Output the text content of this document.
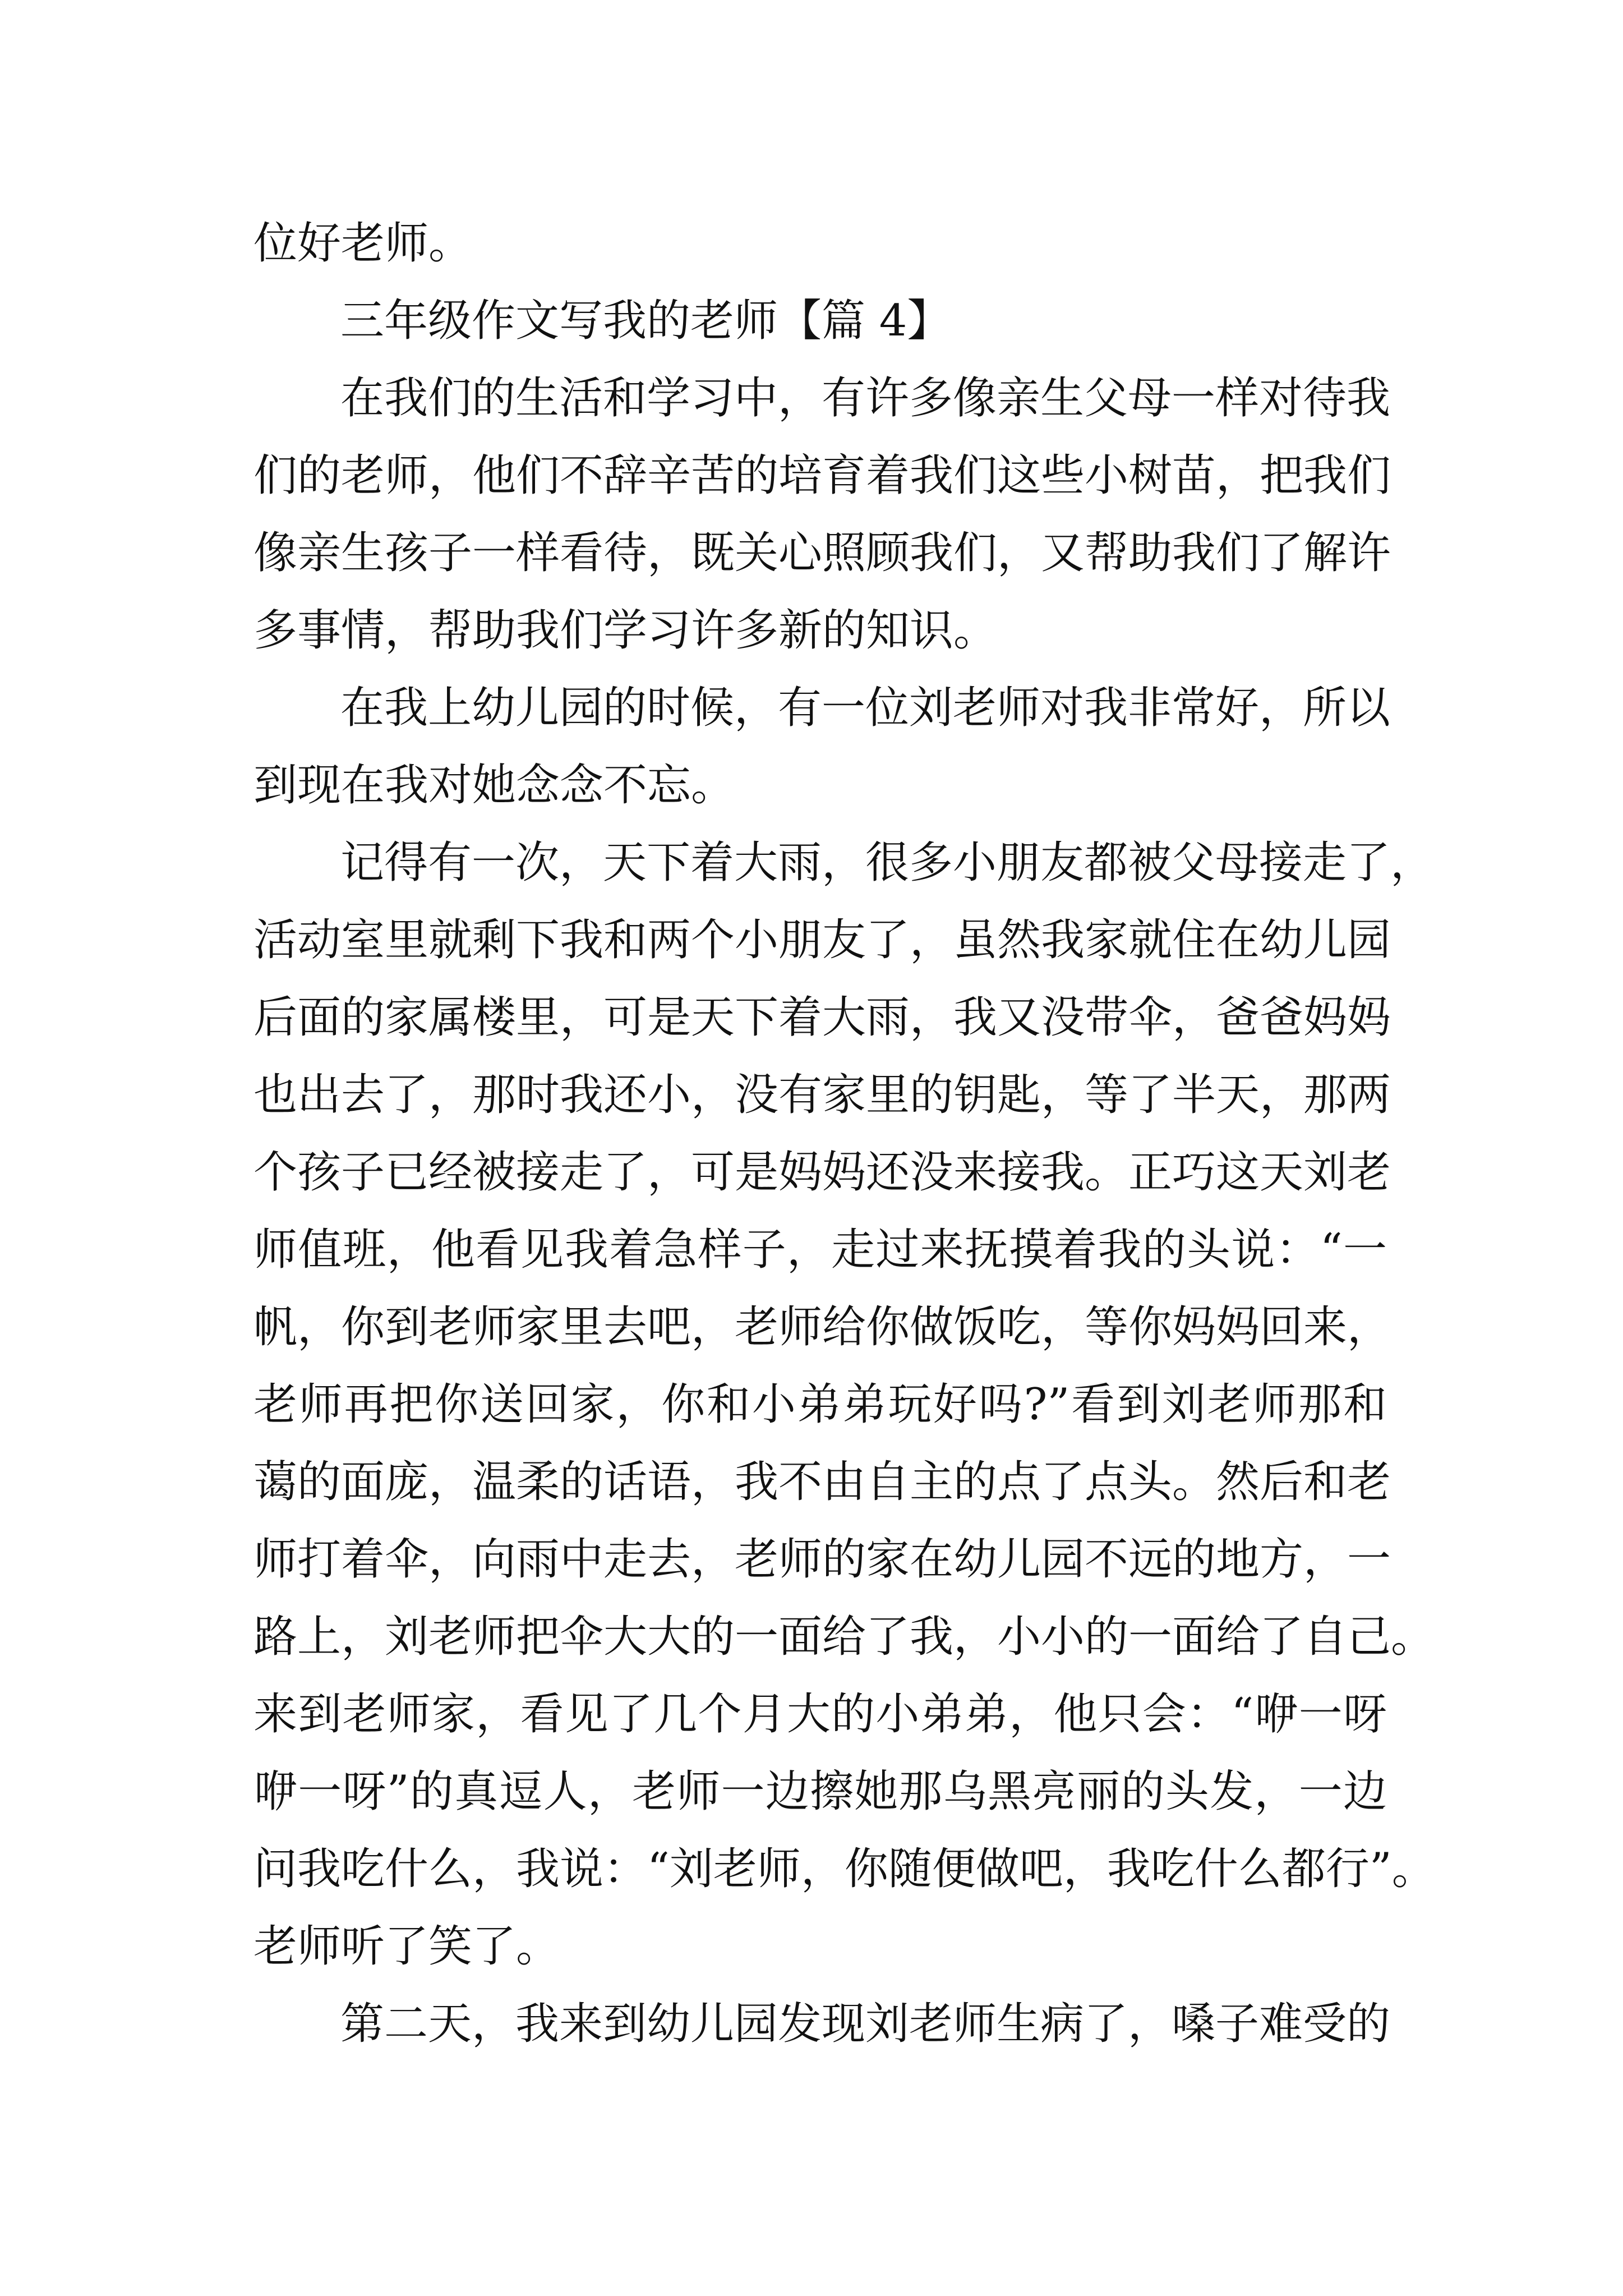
位好老师。
三年级作文写我的老师【篇 4】
在我们的生活和学习中，有许多像亲生父母一样对待我
们的老师，他们不辞辛苦的培育着我们这些小树苗，把我们
像亲生孩子一样看待，既关心照顾我们，又帮助我们了解许
多事情，帮助我们学习许多新的知识。
在我上幼儿园的时候，有一位刘老师对我非常好，所以
到现在我对她念念不忘。
记得有一次，天下着大雨，很多小朋友都被父母接走了，
活动室里就剩下我和两个小朋友了，虽然我家就住在幼儿园
后面的家属楼里，可是天下着大雨，我又没带伞，爸爸妈妈
也出去了，那时我还小，没有家里的钥匙，等了半天，那两
个孩子已经被接走了，可是妈妈还没来接我。正巧这天刘老
师值班，他看见我着急样子，走过来抚摸着我的头说：“一
帆，你到老师家里去吧，老师给你做饭吃，等你妈妈回来，
老师再把你送回家，你和小弟弟玩好吗?”看到刘老师那和
蔼的面庞，温柔的话语，我不由自主的点了点头。然后和老
师打着伞，向雨中走去，老师的家在幼儿园不远的地方，一
路上，刘老师把伞大大的一面给了我，小小的一面给了自己。
来到老师家，看见了几个月大的小弟弟，他只会：“咿一呀
咿一呀”的真逗人，老师一边擦她那乌黑亮丽的头发，一边
问我吃什么，我说：“刘老师，你随便做吧，我吃什么都行”。
老师听了笑了。
第二天，我来到幼儿园发现刘老师生病了，嗓子难受的
